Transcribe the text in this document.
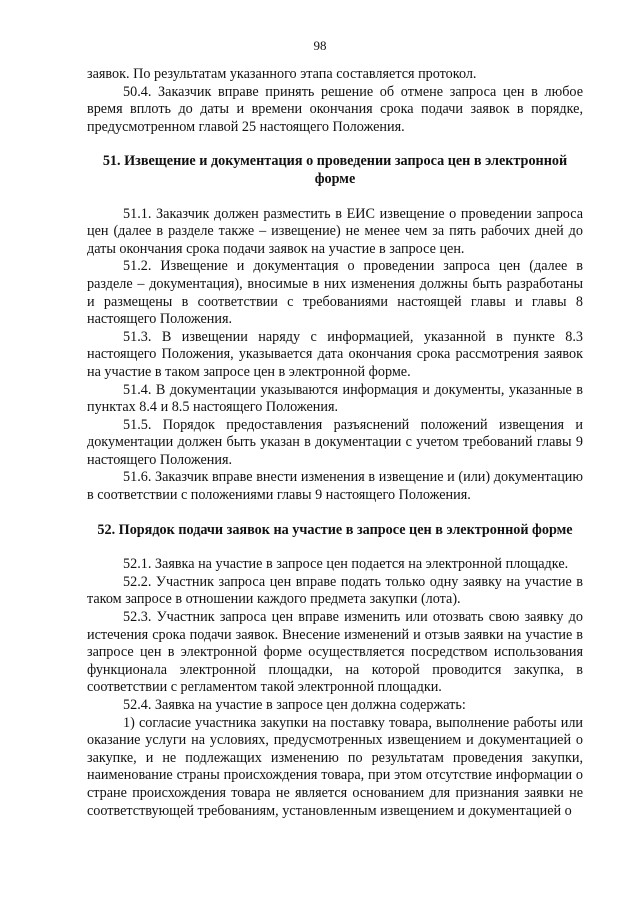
98

заявок. По результатам указанного этапа составляется протокол.

50.4. Заказчик вправе принять решение об отмене запроса цен в любое время вплоть до даты и времени окончания срока подачи заявок в порядке, предусмотренном главой 25 настоящего Положения.

51. Извещение и документация о проведении запроса цен в электронной форме

51.1. Заказчик должен разместить в ЕИС извещение о проведении запроса цен (далее в разделе также – извещение) не менее чем за пять рабочих дней до даты окончания срока подачи заявок на участие в запросе цен.

51.2. Извещение и документация о проведении запроса цен (далее в разделе – документация), вносимые в них изменения должны быть разработаны и размещены в соответствии с требованиями настоящей главы и главы 8 настоящего Положения.

51.3. В извещении наряду с информацией, указанной в пункте 8.3 настоящего Положения, указывается дата окончания срока рассмотрения заявок на участие в таком запросе цен в электронной форме.

51.4. В документации указываются информация и документы, указанные в пунктах 8.4 и 8.5 настоящего Положения.

51.5. Порядок предоставления разъяснений положений извещения и документации должен быть указан в документации с учетом требований главы 9 настоящего Положения.

51.6. Заказчик вправе внести изменения в извещение и (или) документацию в соответствии с положениями главы 9 настоящего Положения.

52. Порядок подачи заявок на участие в запросе цен в электронной форме

52.1. Заявка на участие в запросе цен подается на электронной площадке.

52.2. Участник запроса цен вправе подать только одну заявку на участие в таком запросе в отношении каждого предмета закупки (лота).

52.3. Участник запроса цен вправе изменить или отозвать свою заявку до истечения срока подачи заявок. Внесение изменений и отзыв заявки на участие в запросе цен в электронной форме осуществляется посредством использования функционала электронной площадки, на которой проводится закупка, в соответствии с регламентом такой электронной площадки.

52.4. Заявка на участие в запросе цен должна содержать:

1) согласие участника закупки на поставку товара, выполнение работы или оказание услуги на условиях, предусмотренных извещением и документацией о закупке, и не подлежащих изменению по результатам проведения закупки, наименование страны происхождения товара, при этом отсутствие информации о стране происхождения товара не является основанием для признания заявки не соответствующей требованиям, установленным извещением и документацией о
